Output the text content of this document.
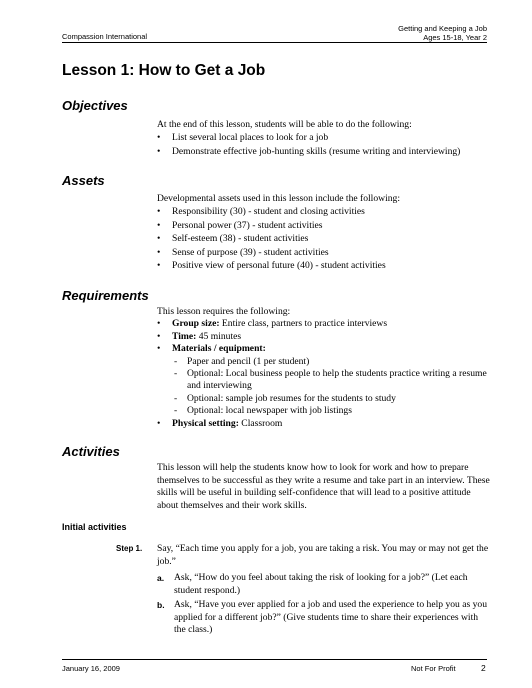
Compassion International
Getting and Keeping a Job
Ages 15-18, Year 2
Lesson 1: How to Get a Job
Objectives

At the end of this lesson, students will be able to do the following:

• List several local places to look for a job
• Demonstrate effective job-hunting skills (resume writing and interviewing)
Assets

Developmental assets used in this lesson include the following:

• Responsibility (30) - student and closing activities
• Personal power (37) - student activities
• Self-esteem (38) - student activities
• Sense of purpose (39) - student activities
• Positive view of personal future (40) - student activities
Requirements

This lesson requires the following:

• Group size: Entire class, partners to practice interviews
• Time: 45 minutes
• Materials / equipment:
- Paper and pencil (1 per student)
- Optional: Local business people to help the students practice writing a resume and interviewing
- Optional: sample job resumes for the students to study
- Optional: local newspaper with job listings
• Physical setting: Classroom
Activities

This lesson will help the students know how to look for work and how to prepare themselves to be successful as they write a resume and take part in an interview. These skills will be useful in building self-confidence that will lead to a positive attitude about themselves and their work skills.

Initial activities
Step 1. Say, “Each time you apply for a job, you are taking a risk. You may or may not get the job.”

a. Ask, “How do you feel about taking the risk of looking for a job?” (Let each student respond.)
b. Ask, “Have you ever applied for a job and used the experience to help you as you applied for a different job?” (Give students time to share their experiences with the class.)
January 16, 2009	Not For Profit	2
